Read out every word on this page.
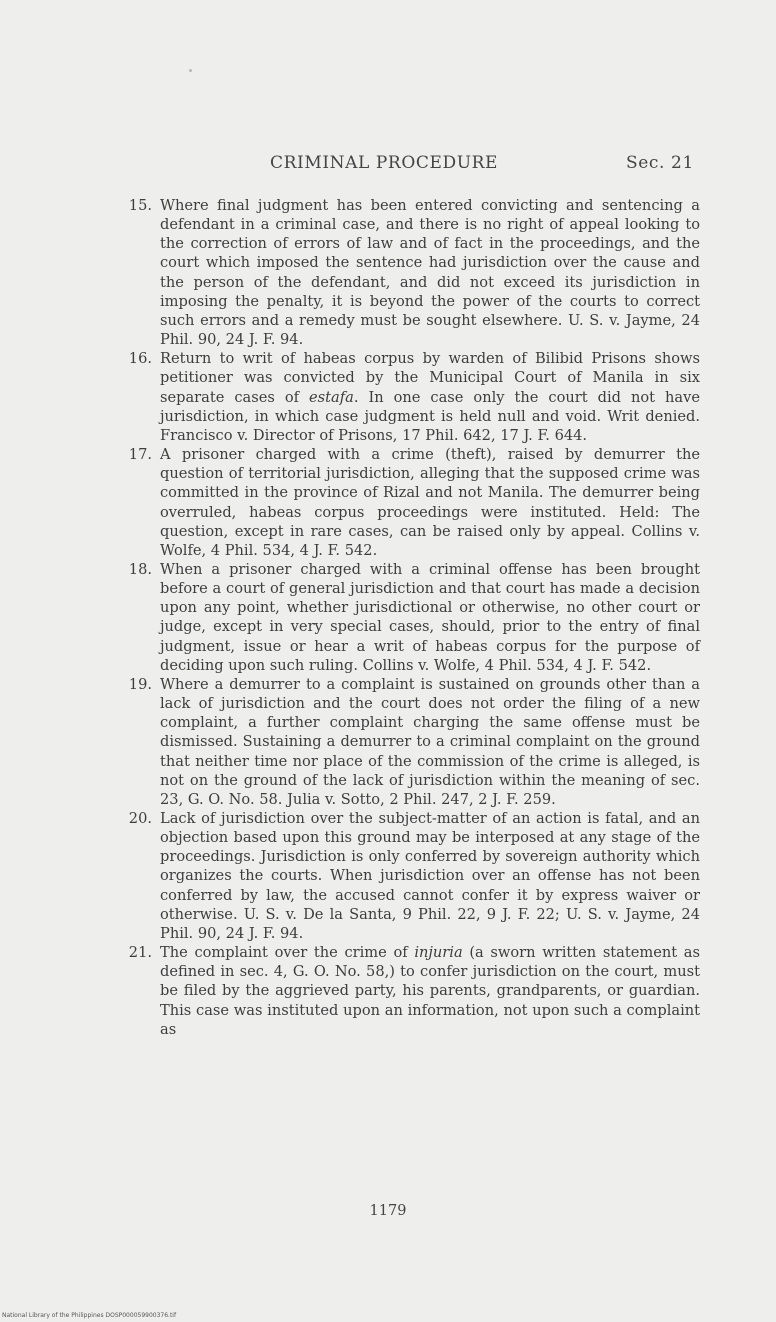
CRIMINAL PROCEDURE	Sec. 21

15. Where final judgment has been entered convicting and sentencing a defendant in a criminal case, and there is no right of appeal looking to the correction of errors of law and of fact in the proceedings, and the court which imposed the sentence had jurisdiction over the cause and the person of the defendant, and did not exceed its jurisdiction in imposing the penalty, it is beyond the power of the courts to correct such errors and a remedy must be sought elsewhere. U. S. v. Jayme, 24 Phil. 90, 24 J. F. 94.

16. Return to writ of habeas corpus by warden of Bilibid Prisons shows petitioner was convicted by the Municipal Court of Manila in six separate cases of estafa. In one case only the court did not have jurisdiction, in which case judgment is held null and void. Writ denied. Francisco v. Director of Prisons, 17 Phil. 642, 17 J. F. 644.

17. A prisoner charged with a crime (theft), raised by demurrer the question of territorial jurisdiction, alleging that the supposed crime was committed in the province of Rizal and not Manila. The demurrer being overruled, habeas corpus proceedings were instituted. Held: The question, except in rare cases, can be raised only by appeal. Collins v. Wolfe, 4 Phil. 534, 4 J. F. 542.

18. When a prisoner charged with a criminal offense has been brought before a court of general jurisdiction and that court has made a decision upon any point, whether jurisdictional or otherwise, no other court or judge, except in very special cases, should, prior to the entry of final judgment, issue or hear a writ of habeas corpus for the purpose of deciding upon such ruling. Collins v. Wolfe, 4 Phil. 534, 4 J. F. 542.

19. Where a demurrer to a complaint is sustained on grounds other than a lack of jurisdiction and the court does not order the filing of a new complaint, a further complaint charging the same offense must be dismissed. Sustaining a demurrer to a criminal complaint on the ground that neither time nor place of the commission of the crime is alleged, is not on the ground of the lack of jurisdiction within the meaning of sec. 23, G. O. No. 58. Julia v. Sotto, 2 Phil. 247, 2 J. F. 259.

20. Lack of jurisdiction over the subject-matter of an action is fatal, and an objection based upon this ground may be interposed at any stage of the proceedings. Jurisdiction is only conferred by sovereign authority which organizes the courts. When jurisdiction over an offense has not been conferred by law, the accused cannot confer it by express waiver or otherwise. U. S. v. De la Santa, 9 Phil. 22, 9 J. F. 22; U. S. v. Jayme, 24 Phil. 90, 24 J. F. 94.

21. The complaint over the crime of injuria (a sworn written statement as defined in sec. 4, G. O. No. 58,) to confer jurisdiction on the court, must be filed by the aggrieved party, his parents, grandparents, or guardian. This case was instituted upon an information, not upon such a complaint as

1179
National Library of the Philippines DOSP000059900376.tif
